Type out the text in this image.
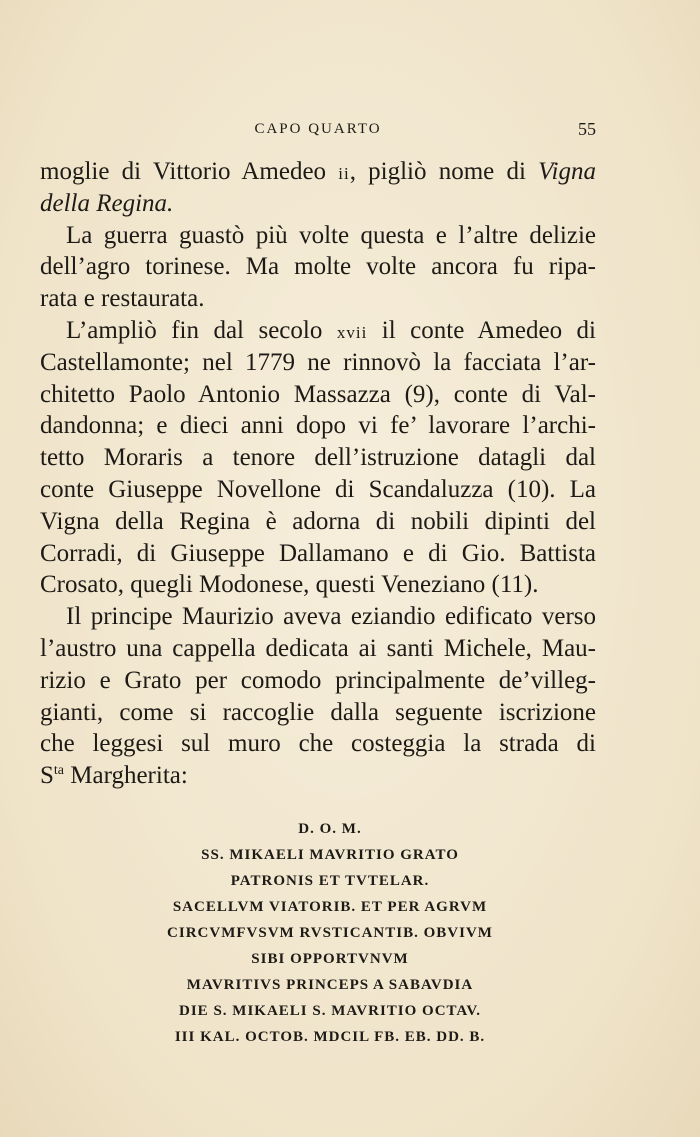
CAPO QUARTO	55
moglie di Vittorio Amedeo ii, pigliò nome di Vigna
della Regina.
La guerra guastò più volte questa e l’altre delizie
dell’agro torinese. Ma molte volte ancora fu ripa-
rata e restaurata.
L’ampliò fin dal secolo xvii il conte Amedeo di
Castellamonte; nel 1779 ne rinnovò la facciata l’ar-
chitetto Paolo Antonio Massazza (9), conte di Val-
dandonna; e dieci anni dopo vi fe’ lavorare l’archi-
tetto Moraris a tenore dell’istruzione datagli dal
conte Giuseppe Novellone di Scandaluzza (10). La
Vigna della Regina è adorna di nobili dipinti del
Corradi, di Giuseppe Dallamano e di Gio. Battista
Crosato, quegli Modonese, questi Veneziano (11).
Il principe Maurizio aveva eziandio edificato verso
l’austro una cappella dedicata ai santi Michele, Mau-
rizio e Grato per comodo principalmente de’villeg-
gianti, come si raccoglie dalla seguente iscrizione
che leggesi sul muro che costeggia la strada di
$S^{ta}$ Margherita:
D. O. M.
SS. MIKAELI MAVRITIO GRATO
PATRONIS ET TVTELAR.
SACELLVM VIATORIB. ET PER AGRVM
CIRCVMFVSVM RVSTICANTIB. OBVIVM
SIBI OPPORTVNVM
MAVRITIVS PRINCEPS A SABAVDIA
DIE S. MIKAELI S. MAVRITIO OCTAV.
III KAL. OCTOB. MDCIL FB. EB. DD. B.
